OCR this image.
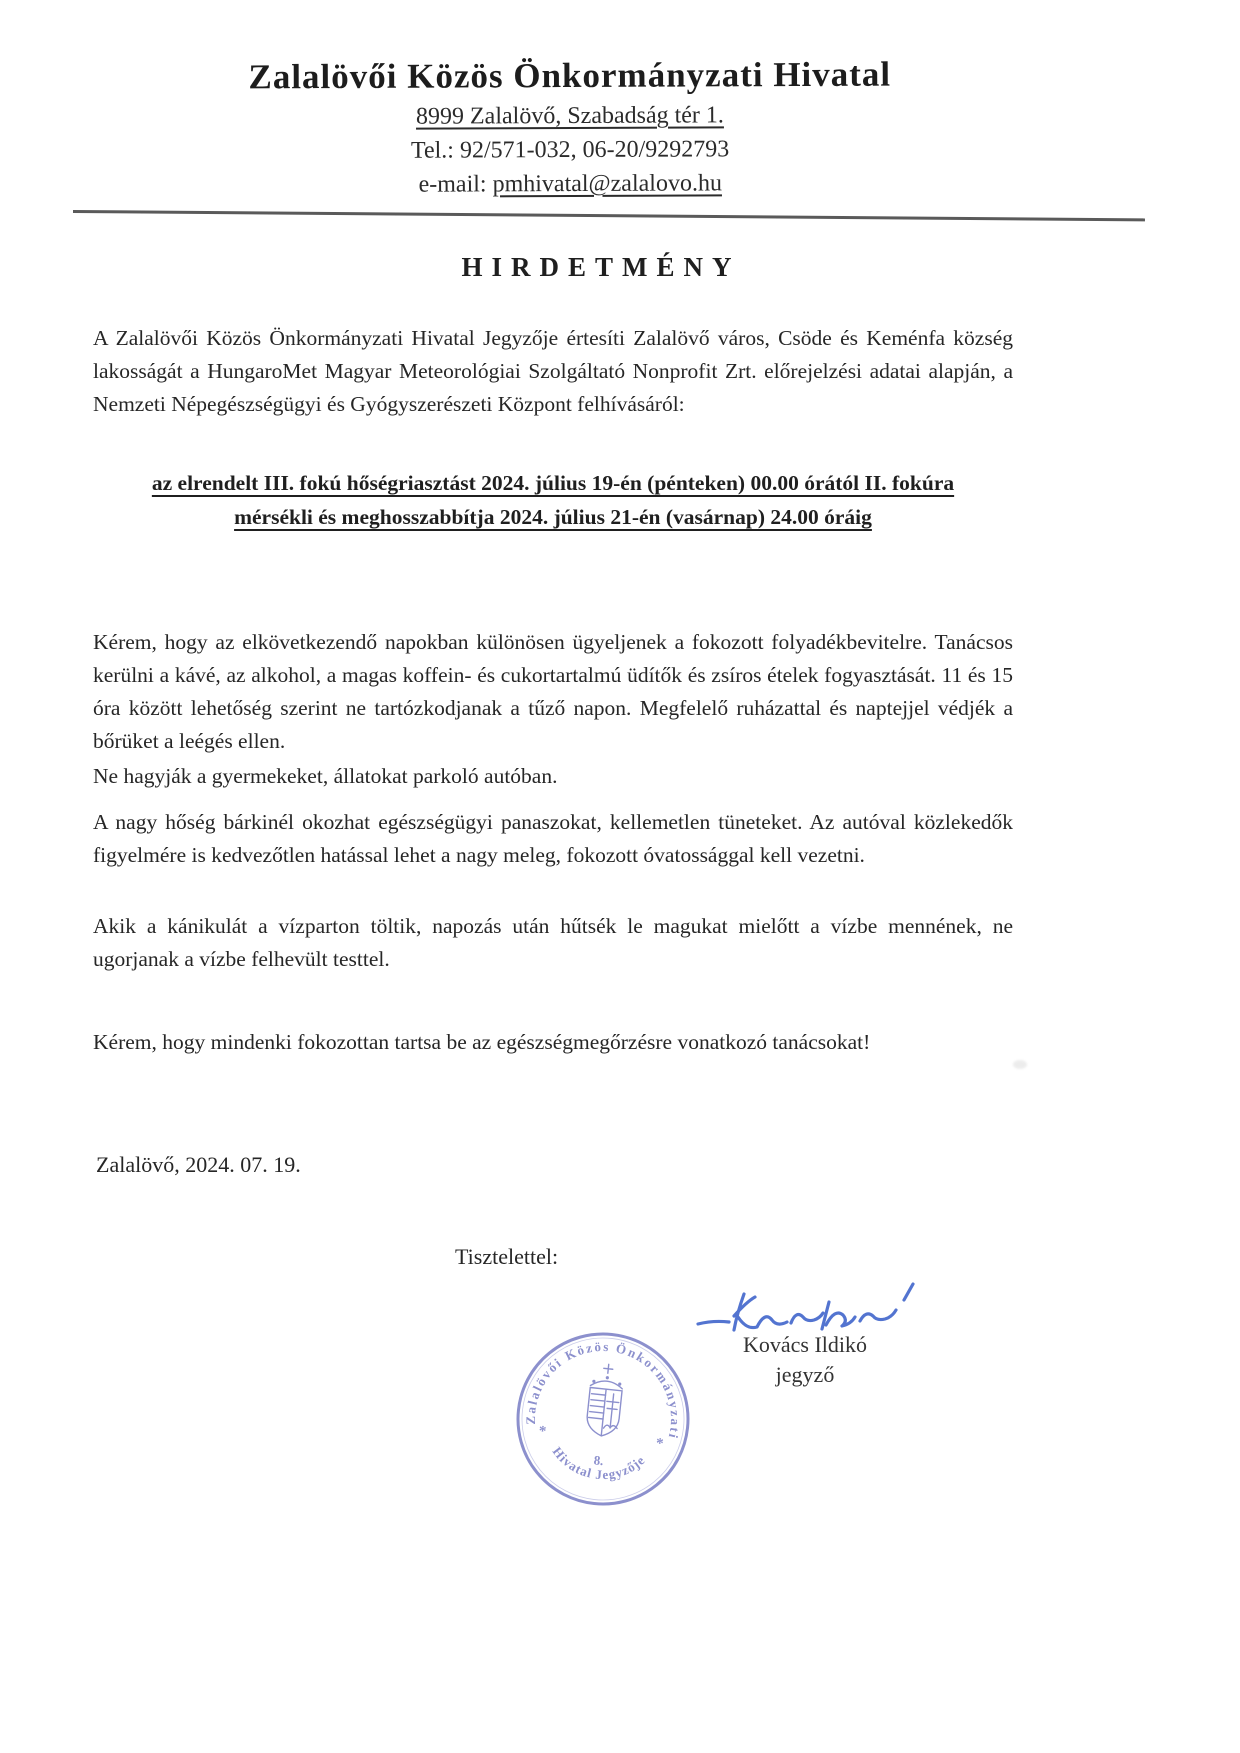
Zalalövői Közös Önkormányzati Hivatal
8999 Zalalövő, Szabadság tér 1.
Tel.: 92/571-032, 06-20/9292793
e-mail: pmhivatal@zalalovo.hu
HIRDETMÉNY

A Zalalövői Közös Önkormányzati Hivatal Jegyzője értesíti Zalalövő város, Csöde és Keménfa község lakosságát a HungaroMet Magyar Meteorológiai Szolgáltató Nonprofit Zrt. előrejelzési adatai alapján, a Nemzeti Népegészségügyi és Gyógyszerészeti Központ felhívásáról:

az elrendelt III. fokú hőségriasztást 2024. július 19-én (pénteken) 00.00 órától II. fokúra
mérsékli és meghosszabbítja 2024. július 21-én (vasárnap) 24.00 óráig

Kérem, hogy az elkövetkezendő napokban különösen ügyeljenek a fokozott folyadékbevitelre. Tanácsos kerülni a kávé, az alkohol, a magas koffein- és cukortartalmú üdítők és zsíros ételek fogyasztását. 11 és 15 óra között lehetőség szerint ne tartózkodjanak a tűző napon. Megfelelő ruházattal és naptejjel védjék a bőrüket a leégés ellen.

Ne hagyják a gyermekeket, állatokat parkoló autóban.

A nagy hőség bárkinél okozhat egészségügyi panaszokat, kellemetlen tüneteket. Az autóval közlekedők figyelmére is kedvezőtlen hatással lehet a nagy meleg, fokozott óvatossággal kell vezetni.

Akik a kánikulát a vízparton töltik, napozás után hűtsék le magukat mielőtt a vízbe mennének, ne ugorjanak a vízbe felhevült testtel.

Kérem, hogy mindenki fokozottan tartsa be az egészségmegőrzésre vonatkozó tanácsokat!

Zalalövő, 2024. 07. 19.
Tisztelettel:
Kovács Ildikó
jegyző
Zalalövői Közös Önkormányzati
Hivatal Jegyzője
*
*
8.
